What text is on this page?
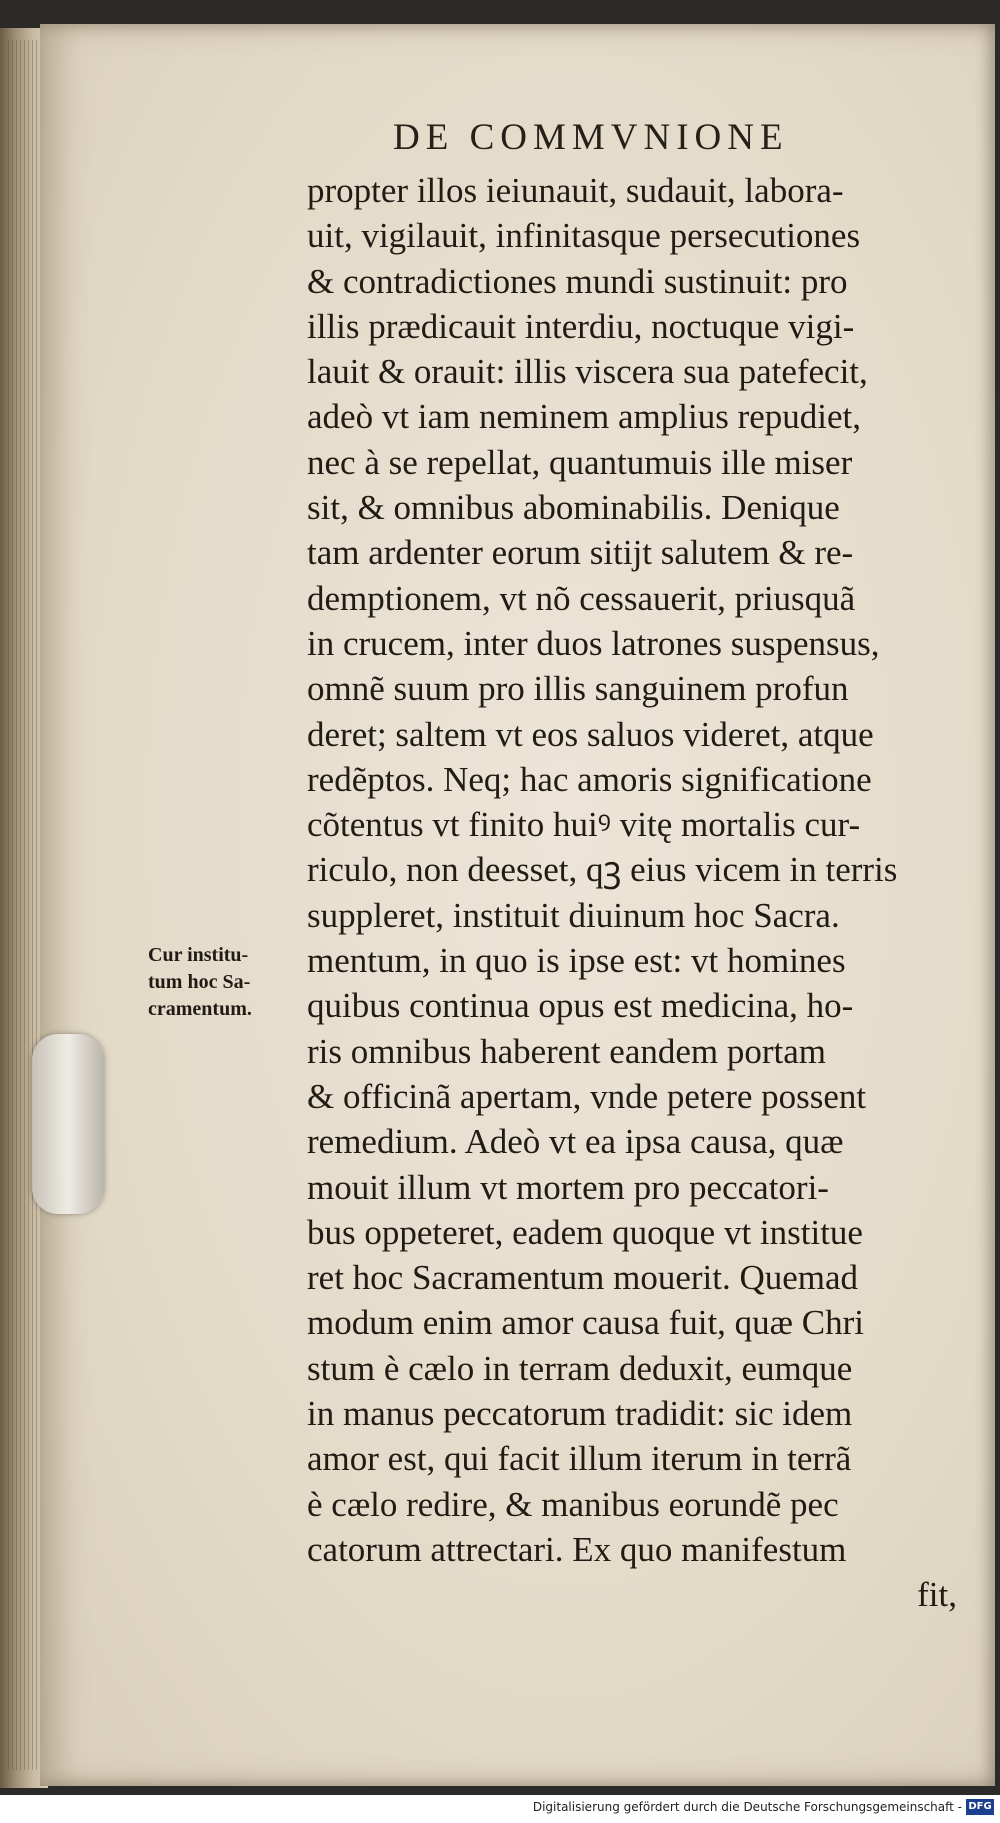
DE COMMVNIONE
Cur institu-
tum hoc Sa-
cramentum.
propter illos ieiunauit, sudauit, labora-
uit, vigilauit, infinitasque persecutiones
& contradictiones mundi sustinuit: pro
illis prædicauit interdiu, noctuque vigi-
lauit & orauit: illis viscera sua patefecit,
adeò vt iam neminem amplius repudiet,
nec à se repellat, quantumuis ille miser
sit, & omnibus abominabilis. Denique
tam ardenter eorum sitijt salutem & re-
demptionem, vt nõ cessauerit, priusquã
in crucem, inter duos latrones suspensus,
omnẽ suum pro illis sanguinem profun
deret; saltem vt eos saluos videret, atque
redẽptos. Neq; hac amoris significatione
cõtentus vt finito huiꝰ vitę mortalis cur-
riculo, non deesset, qꝫ eius vicem in terris
suppleret, instituit diuinum hoc Sacra.
mentum, in quo is ipse est: vt homines
quibus continua opus est medicina, ho-
ris omnibus haberent eandem portam
& officinã apertam, vnde petere possent
remedium. Adeò vt ea ipsa causa, quæ
mouit illum vt mortem pro peccatori-
bus oppeteret, eadem quoque vt institue
ret hoc Sacramentum mouerit. Quemad
modum enim amor causa fuit, quæ Chri
stum è cælo in terram deduxit, eumque
in manus peccatorum tradidit: sic idem
amor est, qui facit illum iterum in terrã
è cælo redire, & manibus eorundẽ pec
catorum attrectari. Ex quo manifestum
fit,
Digitalisierung gefördert durch die Deutsche Forschungsgemeinschaft - DFG
